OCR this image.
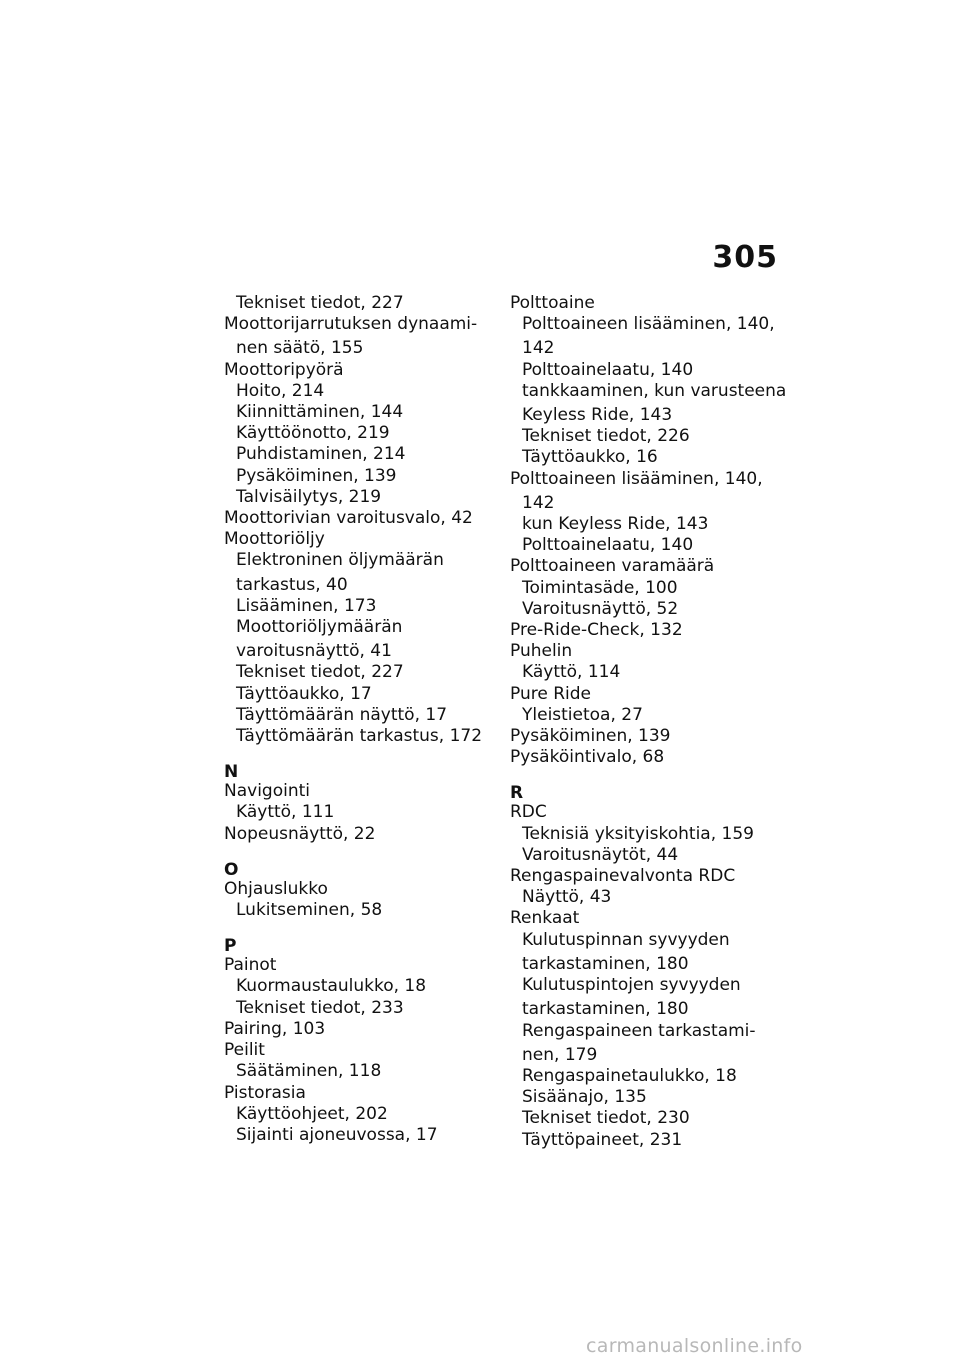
305
Tekniset tiedot, 227
Moottorijarrutuksen dynaami-
nen säätö, 155
Moottoripyörä
Hoito, 214
Kiinnittäminen, 144
Käyttöönotto, 219
Puhdistaminen, 214
Pysäköiminen, 139
Talvisäilytys, 219
Moottorivian varoitusvalo, 42
Moottoriöljy
Elektroninen öljymäärän
tarkastus, 40
Lisääminen, 173
Moottoriöljymäärän
varoitusnäyttö, 41
Tekniset tiedot, 227
Täyttöaukko, 17
Täyttömäärän näyttö, 17
Täyttömäärän tarkastus, 172
N
Navigointi
Käyttö, 111
Nopeusnäyttö, 22
O
Ohjauslukko
Lukitseminen, 58
P
Painot
Kuormaustaulukko, 18
Tekniset tiedot, 233
Pairing, 103
Peilit
Säätäminen, 118
Pistorasia
Käyttöohjeet, 202
Sijainti ajoneuvossa, 17
Polttoaine
Polttoaineen lisääminen, 140,
142
Polttoainelaatu, 140
tankkaaminen, kun varusteena
Keyless Ride, 143
Tekniset tiedot, 226
Täyttöaukko, 16
Polttoaineen lisääminen, 140,
142
kun Keyless Ride, 143
Polttoainelaatu, 140
Polttoaineen varamäärä
Toimintasäde, 100
Varoitusnäyttö, 52
Pre-Ride-Check, 132
Puhelin
Käyttö, 114
Pure Ride
Yleistietoa, 27
Pysäköiminen, 139
Pysäköintivalo, 68
R
RDC
Teknisiä yksityiskohtia, 159
Varoitusnäytöt, 44
Rengaspainevalvonta RDC
Näyttö, 43
Renkaat
Kulutuspinnan syvyyden
tarkastaminen, 180
Kulutuspintojen syvyyden
tarkastaminen, 180
Rengaspaineen tarkastami-
nen, 179
Rengaspainetaulukko, 18
Sisäänajo, 135
Tekniset tiedot, 230
Täyttöpaineet, 231
carmanualsonline.info
